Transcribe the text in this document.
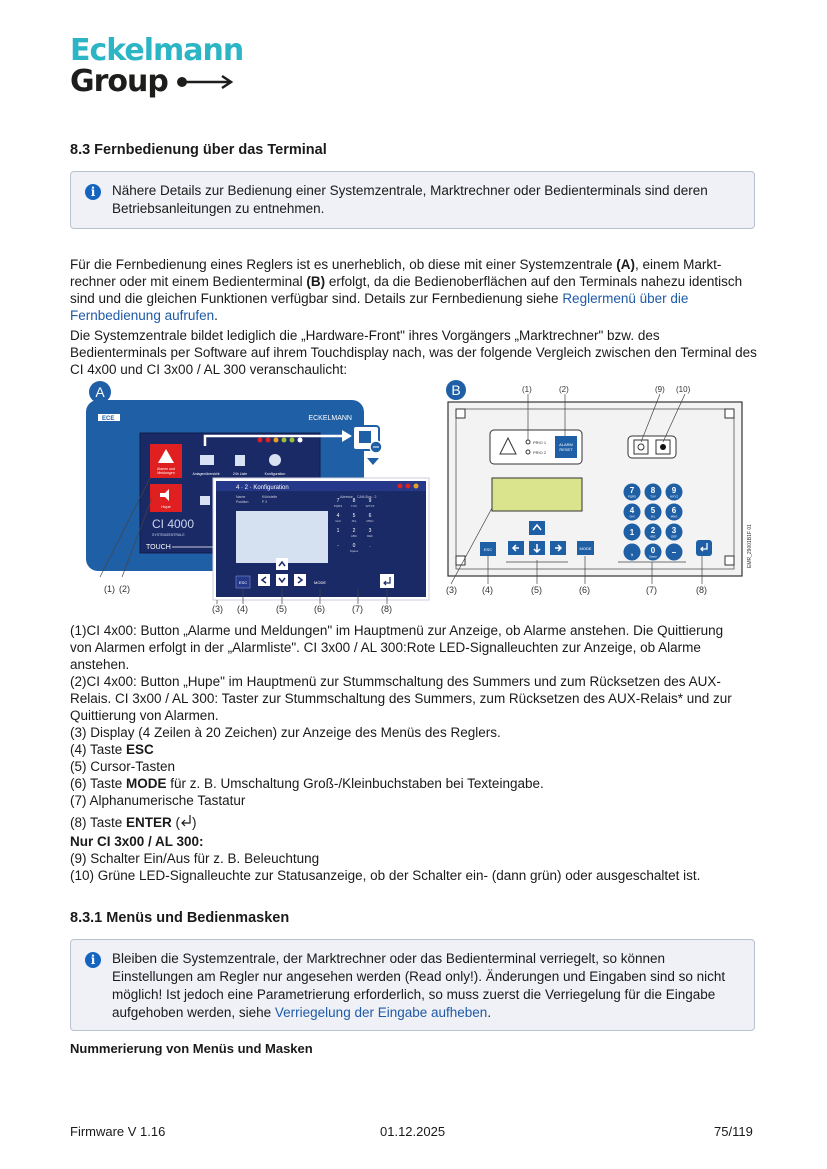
Eckelmann
Group
8.3 Fernbedienung über das Terminal
i	Nähere Details zur Bedienung einer Systemzentrale, Marktrechner oder Bedienterminals sind deren Betriebsanleitungen zu entnehmen.

Für die Fernbedienung eines Reglers ist es unerheblich, ob diese mit einer Systemzentrale (A), einem Markt-rechner oder mit einem Bedienterminal (B) erfolgt, da die Bedienoberflächen auf den Terminals nahezu identisch sind und die gleichen Funktionen verfügbar sind. Details zur Fernbedienung siehe Reglermenü über die Fernbedienung aufrufen.

Die Systemzentrale bildet lediglich die „Hardware-Front" ihres Vorgängers „Marktrechner" bzw. des Bedienterminals per Software auf ihrem Touchdisplay nach, was der folgende Vergleich zwischen den Terminal des CI 4x00 und CI 3x00 / AL 300 veranschaulicht:

A
ECE	ECKELMANN
Alarme und
Meldungen
Hupe
Anlagenübersicht	24h Liste	Konfiguration
CI 4000
SYSTEMZENTRALE
TOUCH
4 · 2 · Konfiguration
Name
Position
Kühlstelle
P 2
Adresse CAN-Bus : 2
7
PQRS
8
TUV
9
WXYZ
4
GHI
5
JKL
6
MNO
1	2
ABC
3
DEF
-	0
Space
.
ESC	MODE
(1) (2)
(3) (4)	(5)	(6)	(7) (8)
B
PRIO 1
PRIO 2
ALARM
RESET
ESC	MODE
7
PQRS
8
TUV
9
WXYZ
4
GHI
5
JKL
6
MNO
1 2
ABC
3
DEF
, 0
Space –	EMR_29001B1F 01
(1)	(2)	(9) (10)
(3)	(4)	(5)	(6)	(7)	(8)
(1)CI 4x00: Button „Alarme und Meldungen" im Hauptmenü zur Anzeige, ob Alarme anstehen. Die Quittierung
von Alarmen erfolgt in der „Alarmliste". CI 3x00 / AL 300:Rote LED-Signalleuchten zur Anzeige, ob Alarme
anstehen.
(2)CI 4x00: Button „Hupe" im Hauptmenü zur Stummschaltung des Summers und zum Rücksetzen des AUX-
Relais. CI 3x00 / AL 300: Taster zur Stummschaltung des Summers, zum Rücksetzen des AUX-Relais* und zur
Quittierung von Alarmen.
(3) Display (4 Zeilen à 20 Zeichen) zur Anzeige des Menüs des Reglers.
(4) Taste ESC
(5) Cursor-Tasten
(6) Taste MODE für z. B. Umschaltung Groß-/Kleinbuchstaben bei Texteingabe.
(7) Alphanumerische Tastatur
(8) Taste ENTER ( )
Nur CI 3x00 / AL 300:
(9) Schalter Ein/Aus für z. B. Beleuchtung
(10) Grüne LED-Signalleuchte zur Statusanzeige, ob der Schalter ein- (dann grün) oder ausgeschaltet ist.
8.3.1 Menüs und Bedienmasken
i	Bleiben die Systemzentrale, der Marktrechner oder das Bedienterminal verriegelt, so können Einstellungen am Regler nur angesehen werden (Read only!). Änderungen und Eingaben sind so nicht möglich! Ist jedoch eine Parametrierung erforderlich, so muss zuerst die Verriegelung für die Eingabe aufgehoben werden, siehe Verriegelung der Eingabe aufheben.
Nummerierung von Menüs und Masken
Firmware V 1.16	01.12.2025	75/119
